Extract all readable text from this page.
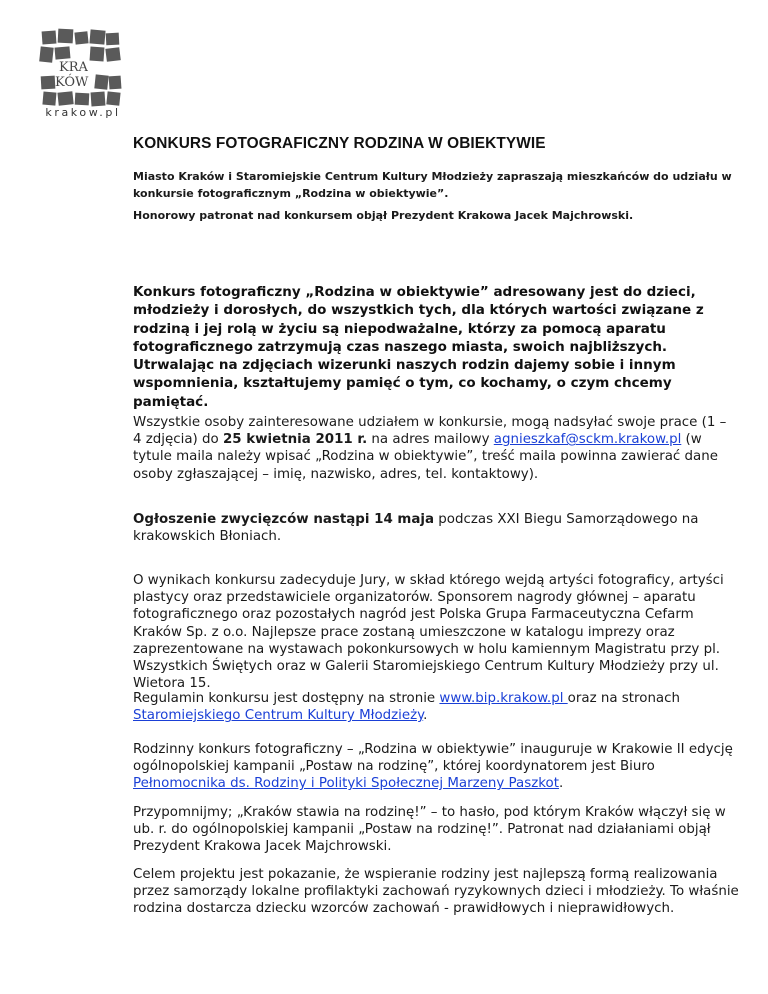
KRA
KÓW
krakow.pl
KONKURS FOTOGRAFICZNY RODZINA W OBIEKTYWIE

Miasto Kraków i Staromiejskie Centrum Kultury Młodzieży zapraszają mieszkańców do udziału w konkursie fotograficznym „Rodzina w obiektywie”.

Honorowy patronat nad konkursem objął Prezydent Krakowa Jacek Majchrowski.

Konkurs fotograficzny „Rodzina w obiektywie” adresowany jest do dzieci, młodzieży i dorosłych, do wszystkich tych, dla których wartości związane z rodziną i jej rolą w życiu są niepodważalne, którzy za pomocą aparatu fotograficznego zatrzymują czas naszego miasta, swoich najbliższych. Utrwalając na zdjęciach wizerunki naszych rodzin dajemy sobie i innym wspomnienia, kształtujemy pamięć o tym, co kochamy, o czym chcemy pamiętać.

Wszystkie osoby zainteresowane udziałem w konkursie, mogą nadsyłać swoje prace (1 – 4 zdjęcia) do 25 kwietnia 2011 r. na adres mailowy agnieszkaf@sckm.krakow.pl (w tytule maila należy wpisać „Rodzina w obiektywie”, treść maila powinna zawierać dane osoby zgłaszającej – imię, nazwisko, adres, tel. kontaktowy).

Ogłoszenie zwycięzców nastąpi 14 maja podczas XXI Biegu Samorządowego na krakowskich Błoniach.

O wynikach konkursu zadecyduje Jury, w skład którego wejdą artyści fotograficy, artyści plastycy oraz przedstawiciele organizatorów. Sponsorem nagrody głównej – aparatu fotograficznego oraz pozostałych nagród jest Polska Grupa Farmaceutyczna Cefarm Kraków Sp. z o.o. Najlepsze prace zostaną umieszczone w katalogu imprezy oraz zaprezentowane na wystawach pokonkursowych w holu kamiennym Magistratu przy pl. Wszystkich Świętych oraz w Galerii Staromiejskiego Centrum Kultury Młodzieży przy ul. Wietora 15.

Regulamin konkursu jest dostępny na stronie www.bip.krakow.pl oraz na stronach Staromiejskiego Centrum Kultury Młodzieży.

Rodzinny konkurs fotograficzny – „Rodzina w obiektywie” inauguruje w Krakowie II edycję ogólnopolskiej kampanii „Postaw na rodzinę”, której koordynatorem jest Biuro Pełnomocnika ds. Rodziny i Polityki Społecznej Marzeny Paszkot.

Przypomnijmy; „Kraków stawia na rodzinę!” – to hasło, pod którym Kraków włączył się w ub. r. do ogólnopolskiej kampanii „Postaw na rodzinę!”. Patronat nad działaniami objął Prezydent Krakowa Jacek Majchrowski.

Celem projektu jest pokazanie, że wspieranie rodziny jest najlepszą formą realizowania przez samorządy lokalne profilaktyki zachowań ryzykownych dzieci i młodzieży. To właśnie rodzina dostarcza dziecku wzorców zachowań - prawidłowych i nieprawidłowych.
